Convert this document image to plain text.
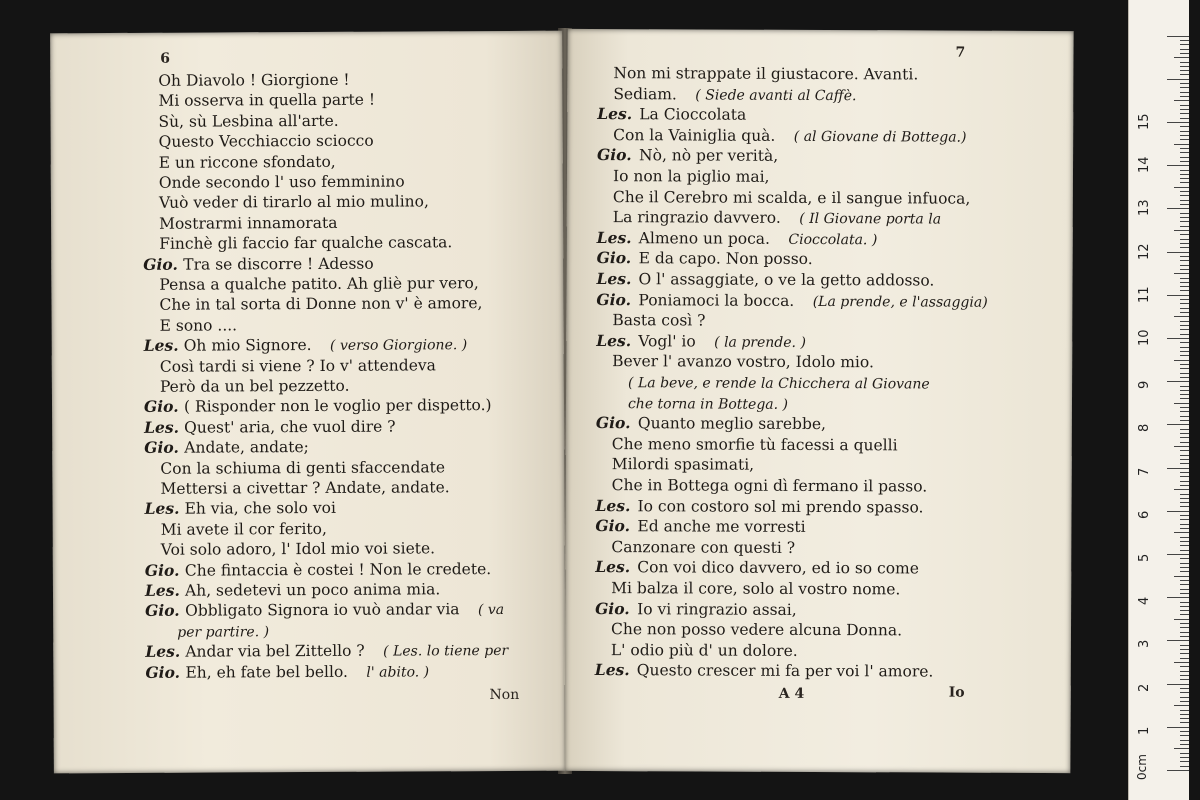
6
Oh Diavolo ! Giorgione !
Mi osserva in quella parte !
Sù, sù Lesbina all'arte.
Questo Vecchiaccio sciocco
E un riccone sfondato,
Onde secondo l' uso femminino
Vuò veder di tirarlo al mio mulino,
Mostrarmi innamorata
Finchè gli faccio far qualche cascata.
Gio. Tra se discorre ! Adesso
Pensa a qualche patito. Ah gliè pur vero,
Che in tal sorta di Donne non v' è amore,
E sono ....
Les. Oh mio Signore. ( verso Giorgione. )
Così tardi si viene ? Io v' attendeva
Però da un bel pezzetto.
Gio. ( Risponder non le voglio per dispetto.)
Les. Quest' aria, che vuol dire ?
Gio. Andate, andate;
Con la schiuma di genti sfaccendate
Mettersi a civettar ? Andate, andate.
Les. Eh via, che solo voi
Mi avete il cor ferito,
Voi solo adoro, l' Idol mio voi siete.
Gio. Che fintaccia è costei ! Non le credete.
Les. Ah, sedetevi un poco anima mia.
Gio. Obbligato Signora io vuò andar via ( va
per partire. )
Les. Andar via bel Zittello ? ( Les. lo tiene per
Gio. Eh, eh fate bel bello. l' abito. )
Non
7
Non mi strappate il giustacore. Avanti.
Sediam. ( Siede avanti al Caffè.
Les. La Cioccolata
Con la Vainiglia quà. ( al Giovane di Bottega.)
Gio. Nò, nò per verità,
Io non la piglio mai,
Che il Cerebro mi scalda, e il sangue infuoca,
La ringrazio davvero. ( Il Giovane porta la
Les. Almeno un poca. Cioccolata. )
Gio. E da capo. Non posso.
Les. O l' assaggiate, o ve la getto addosso.
Gio. Poniamoci la bocca. (La prende, e l'assaggia)
Basta così ?
Les. Vogl' io ( la prende. )
Bever l' avanzo vostro, Idolo mio.
( La beve, e rende la Chicchera al Giovane
che torna in Bottega. )
Gio. Quanto meglio sarebbe,
Che meno smorfie tù facessi a quelli
Milordi spasimati,
Che in Bottega ogni dì fermano il passo.
Les. Io con costoro sol mi prendo spasso.
Gio. Ed anche me vorresti
Canzonare con questi ?
Les. Con voi dico davvero, ed io so come
Mi balza il core, solo al vostro nome.
Gio. Io vi ringrazio assai,
Che non posso vedere alcuna Donna.
L' odio più d' un dolore.
Les. Questo crescer mi fa per voi l' amore.
A 4	Io
0cm
1
2
3
4
5
6
7
8
9
10
11
12
13
14
15
